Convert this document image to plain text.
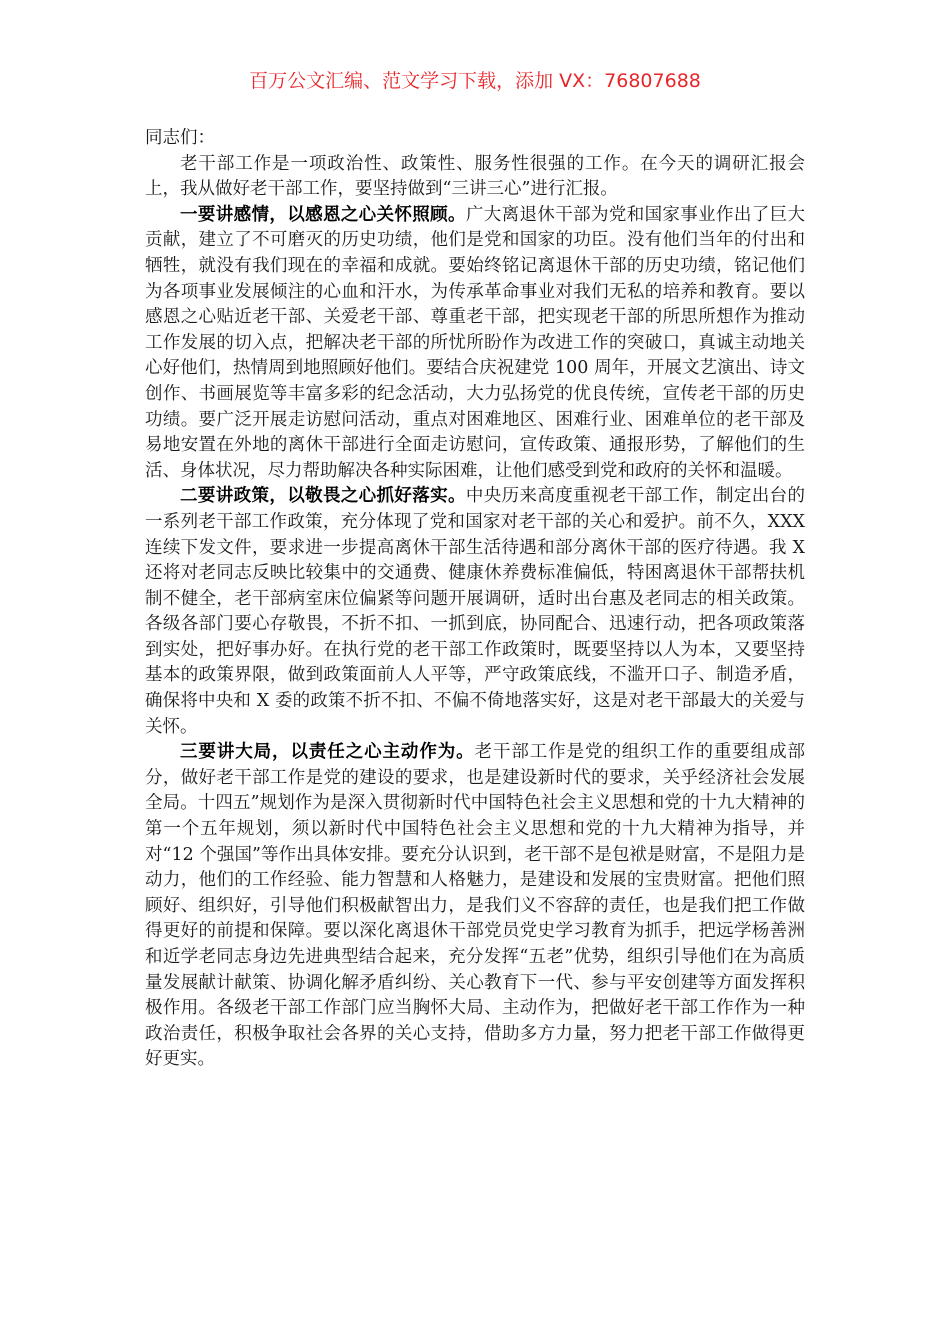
百万公文汇编、范文学习下载，添加 VX：76807688

同志们：

老干部工作是一项政治性、政策性、服务性很强的工作。在今天的调研汇报会上，我从做好老干部工作，要坚持做到“三讲三心”进行汇报。

一要讲感情，以感恩之心关怀照顾。广大离退休干部为党和国家事业作出了巨大贡献，建立了不可磨灭的历史功绩，他们是党和国家的功臣。没有他们当年的付出和牺牲，就没有我们现在的幸福和成就。要始终铭记离退休干部的历史功绩，铭记他们为各项事业发展倾注的心血和汗水，为传承革命事业对我们无私的培养和教育。要以感恩之心贴近老干部、关爱老干部、尊重老干部，把实现老干部的所思所想作为推动工作发展的切入点，把解决老干部的所忧所盼作为改进工作的突破口，真诚主动地关心好他们，热情周到地照顾好他们。要结合庆祝建党 100 周年，开展文艺演出、诗文创作、书画展览等丰富多彩的纪念活动，大力弘扬党的优良传统，宣传老干部的历史功绩。要广泛开展走访慰问活动，重点对困难地区、困难行业、困难单位的老干部及易地安置在外地的离休干部进行全面走访慰问，宣传政策、通报形势，了解他们的生活、身体状况，尽力帮助解决各种实际困难，让他们感受到党和政府的关怀和温暖。

二要讲政策，以敬畏之心抓好落实。中央历来高度重视老干部工作，制定出台的一系列老干部工作政策，充分体现了党和国家对老干部的关心和爱护。前不久，XXX 连续下发文件，要求进一步提高离休干部生活待遇和部分离休干部的医疗待遇。我 X 还将对老同志反映比较集中的交通费、健康休养费标准偏低，特困离退休干部帮扶机制不健全，老干部病室床位偏紧等问题开展调研，适时出台惠及老同志的相关政策。各级各部门要心存敬畏，不折不扣、一抓到底，协同配合、迅速行动，把各项政策落到实处，把好事办好。在执行党的老干部工作政策时，既要坚持以人为本，又要坚持基本的政策界限，做到政策面前人人平等，严守政策底线，不滥开口子、制造矛盾，确保将中央和 X 委的政策不折不扣、不偏不倚地落实好，这是对老干部最大的关爱与关怀。

三要讲大局，以责任之心主动作为。老干部工作是党的组织工作的重要组成部分，做好老干部工作是党的建设的要求，也是建设新时代的要求，关乎经济社会发展全局。十四五”规划作为是深入贯彻新时代中国特色社会主义思想和党的十九大精神的第一个五年规划，须以新时代中国特色社会主义思想和党的十九大精神为指导，并对“12 个强国”等作出具体安排。要充分认识到，老干部不是包袱是财富，不是阻力是动力，他们的工作经验、能力智慧和人格魅力，是建设和发展的宝贵财富。把他们照顾好、组织好，引导他们积极献智出力，是我们义不容辞的责任，也是我们把工作做得更好的前提和保障。要以深化离退休干部党员党史学习教育为抓手，把远学杨善洲和近学老同志身边先进典型结合起来，充分发挥“五老”优势，组织引导他们在为高质量发展献计献策、协调化解矛盾纠纷、关心教育下一代、参与平安创建等方面发挥积极作用。各级老干部工作部门应当胸怀大局、主动作为，把做好老干部工作作为一种政治责任，积极争取社会各界的关心支持，借助多方力量，努力把老干部工作做得更好更实。
